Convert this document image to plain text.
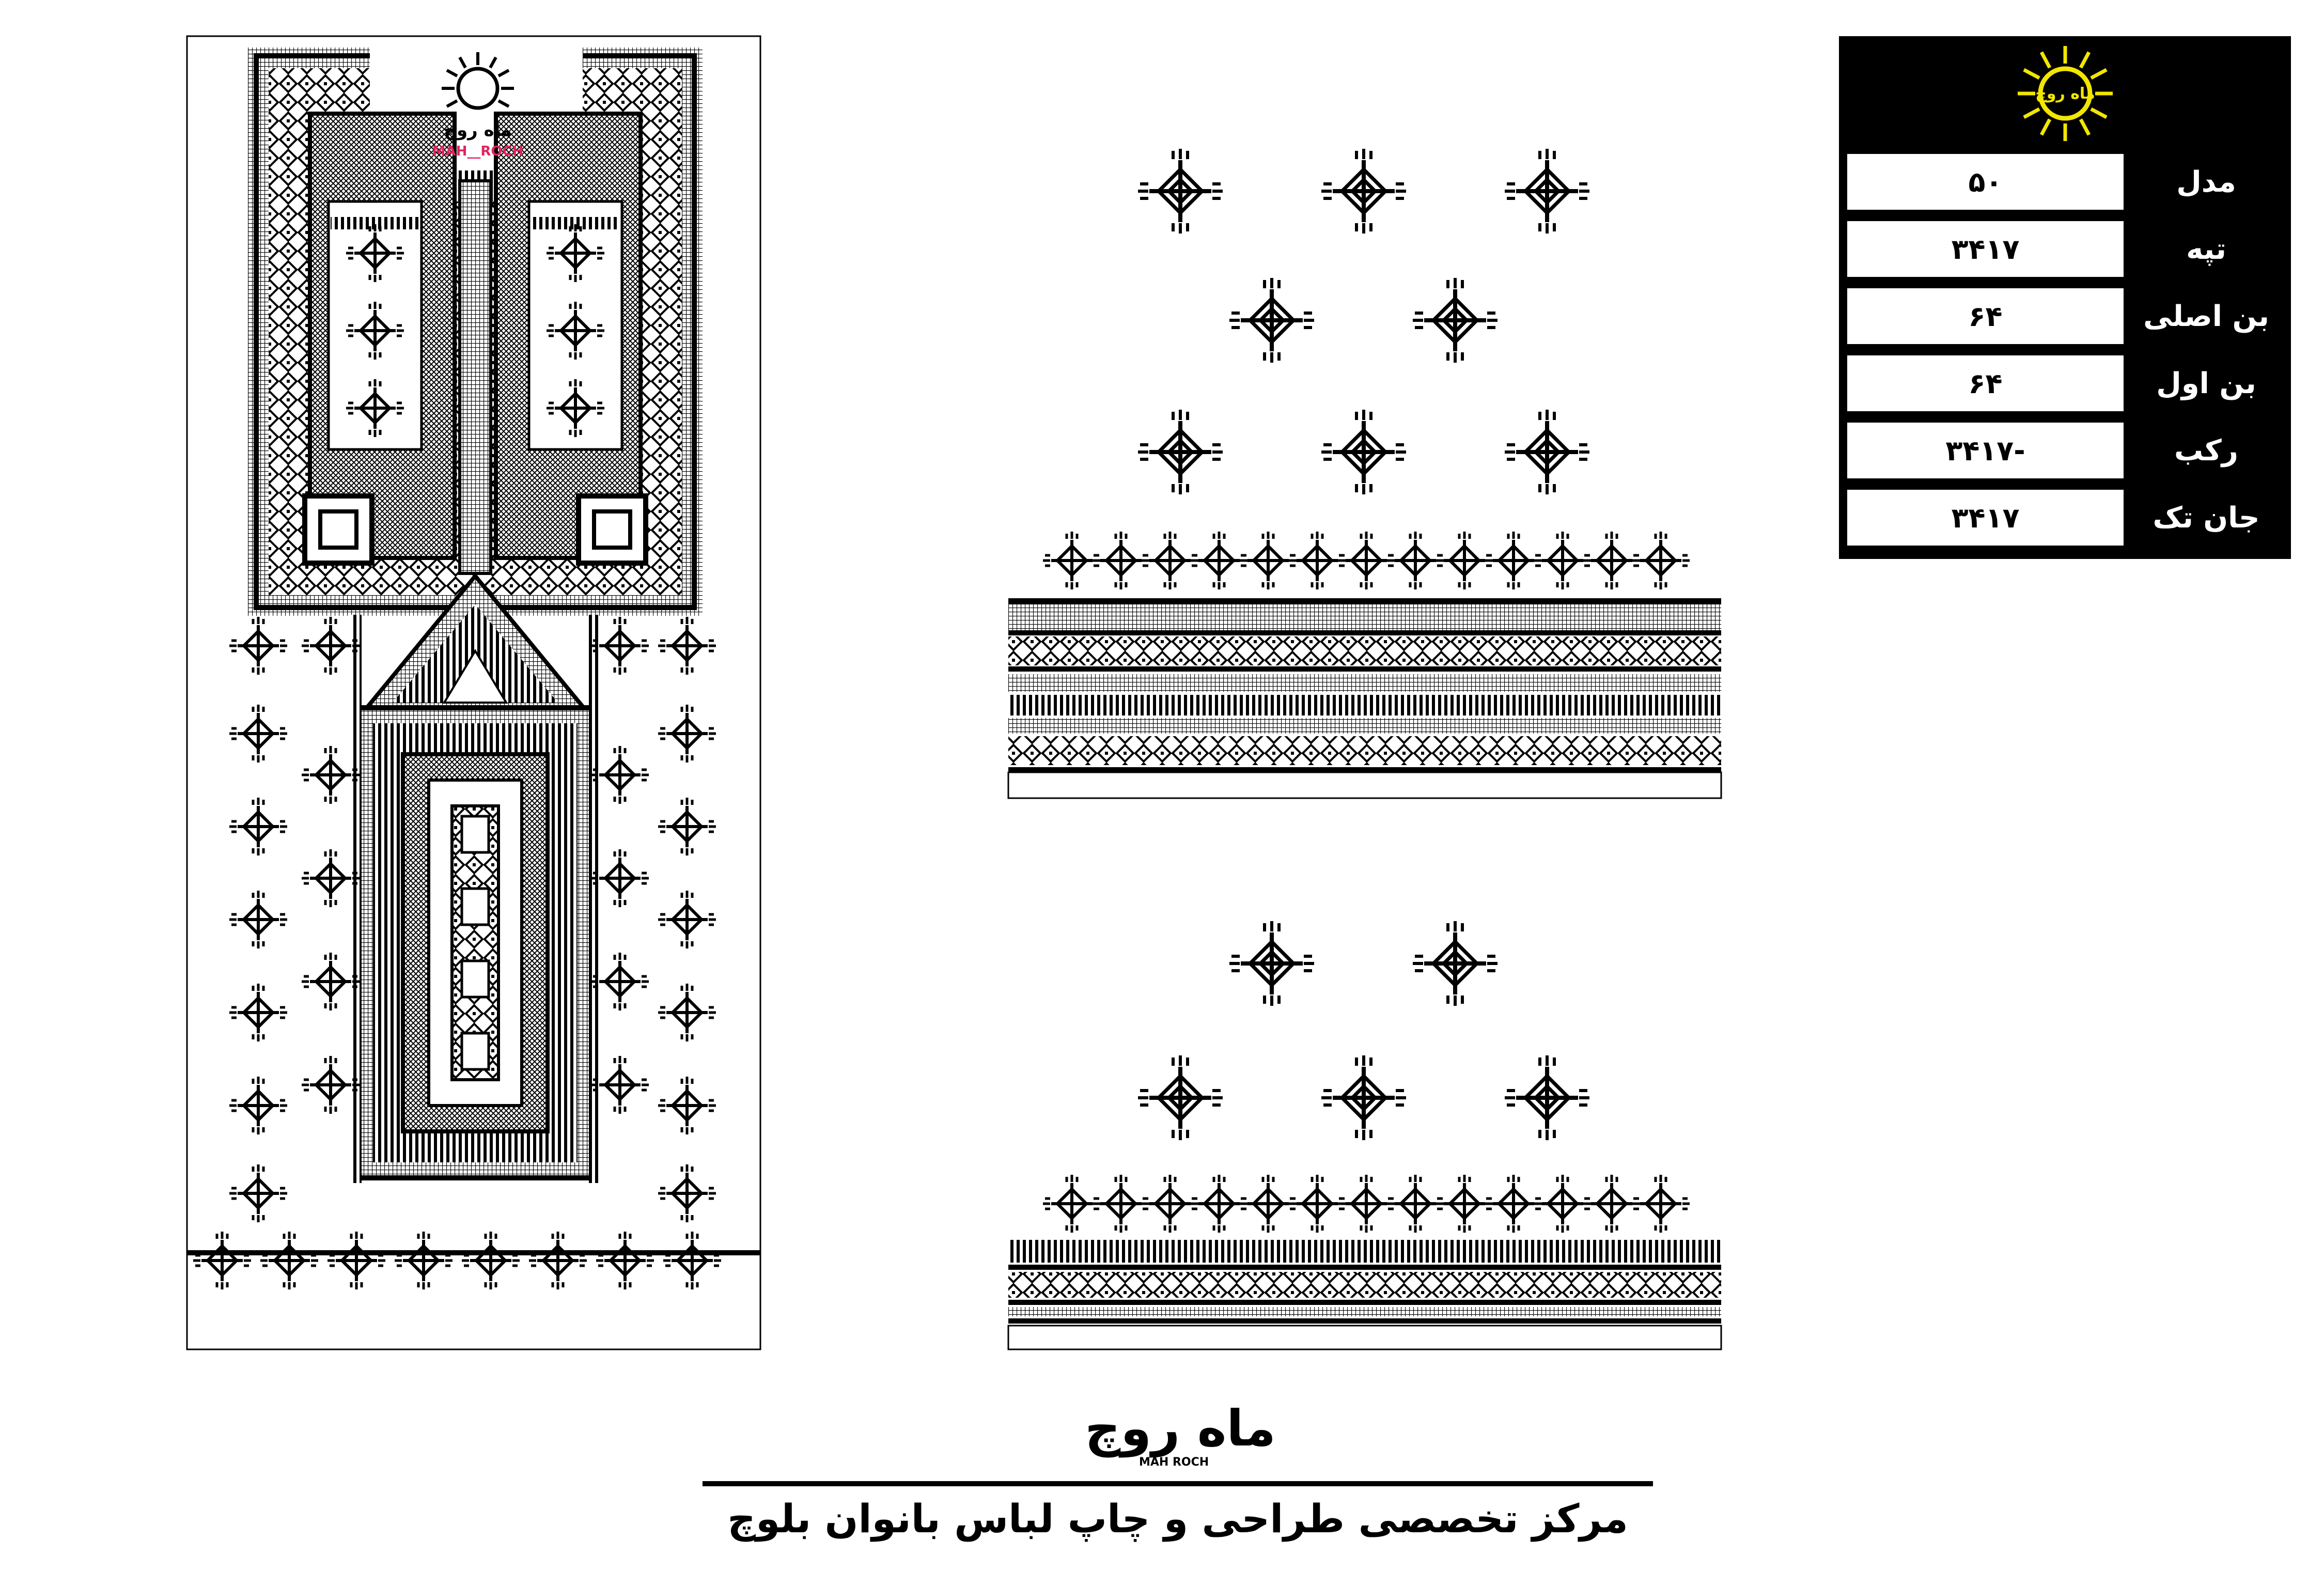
ماه روچ
MAH__ROCH
ماه روچ
۵۰	مدل
۳۴۱۷	تپه
۶۴	بن اصلی
۶۴	بن اول
-۳۴۱۷	رکب
۳۴۱۷	جان تک
ماه روچ
MAH ROCH
مرکز تخصصی طراحی و چاپ لباس بانوان بلوچ
